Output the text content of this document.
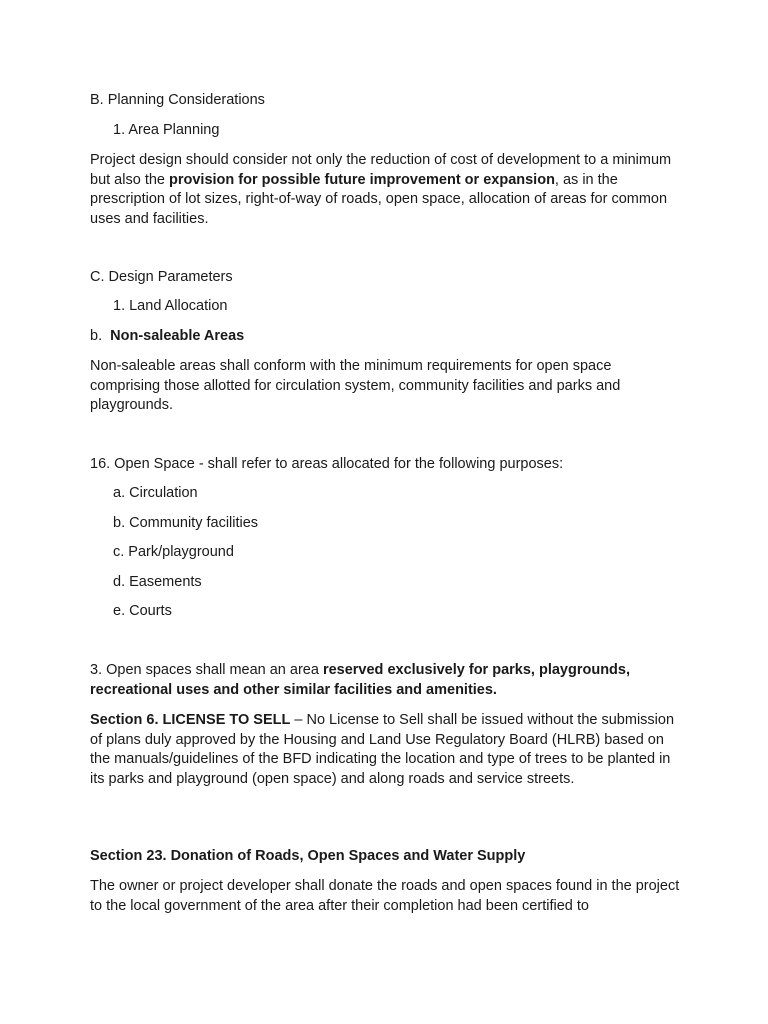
B. Planning Considerations

1. Area Planning

Project design should consider not only the reduction of cost of development to a minimum but also the provision for possible future improvement or expansion, as in the prescription of lot sizes, right-of-way of roads, open space, allocation of areas for common uses and facilities.

C. Design Parameters

1. Land Allocation

b. Non-saleable Areas

Non-saleable areas shall conform with the minimum requirements for open space comprising those allotted for circulation system, community facilities and parks and playgrounds.

16. Open Space - shall refer to areas allocated for the following purposes:

a. Circulation

b. Community facilities

c. Park/playground

d. Easements

e. Courts

3. Open spaces shall mean an area reserved exclusively for parks, playgrounds, recreational uses and other similar facilities and amenities.

Section 6. LICENSE TO SELL – No License to Sell shall be issued without the submission of plans duly approved by the Housing and Land Use Regulatory Board (HLRB) based on the manuals/guidelines of the BFD indicating the location and type of trees to be planted in its parks and playground (open space) and along roads and service streets.

Section 23. Donation of Roads, Open Spaces and Water Supply

The owner or project developer shall donate the roads and open spaces found in the project to the local government of the area after their completion had been certified to
